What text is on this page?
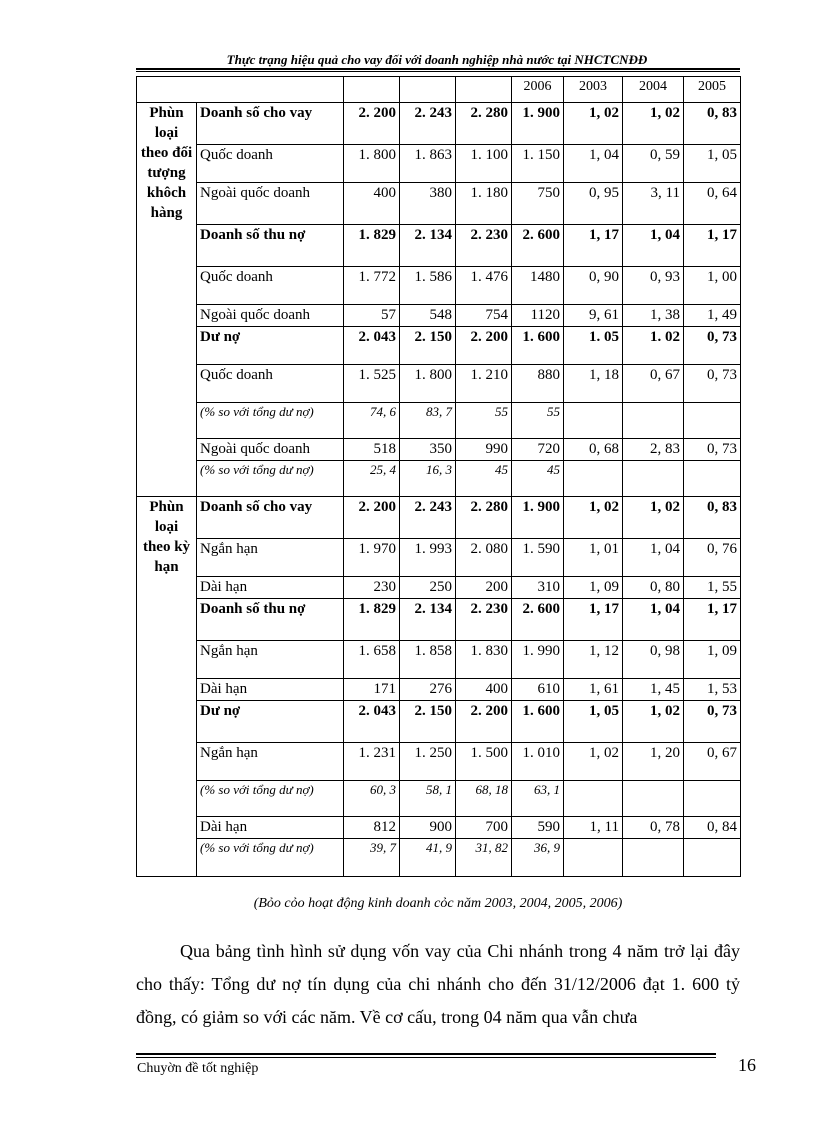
Thực trạng hiệu quả cho vay đối với doanh nghiệp nhà nước tại NHCTCNĐĐ
					2006	2003	2004	2005
Phùn loại theo đối tượng khôch hàng	Doanh số cho vay	2. 200	2. 243	2. 280	1. 900	1, 02	1, 02	0, 83
	Quốc doanh	1. 800	1. 863	1. 100	1. 150	1, 04	0, 59	1, 05
	Ngoài quốc doanh	400	380	1. 180	750	0, 95	3, 11	0, 64
	Doanh số thu nợ	1. 829	2. 134	2. 230	2. 600	1, 17	1, 04	1, 17
	Quốc doanh	1. 772	1. 586	1. 476	1480	0, 90	0, 93	1, 00
	Ngoài quốc doanh	57	548	754	1120	9, 61	1, 38	1, 49
	Dư nợ	2. 043	2. 150	2. 200	1. 600	1. 05	1. 02	0, 73
	Quốc doanh	1. 525	1. 800	1. 210	880	1, 18	0, 67	0, 73
	(% so với tổng dư nợ)	74, 6	83, 7	55	55			
	Ngoài quốc doanh	518	350	990	720	0, 68	2, 83	0, 73
	(% so với tổng dư nợ)	25, 4	16, 3	45	45			
Phùn loại theo kỳ hạn	Doanh số cho vay	2. 200	2. 243	2. 280	1. 900	1, 02	1, 02	0, 83
	Ngắn hạn	1. 970	1. 993	2. 080	1. 590	1, 01	1, 04	0, 76
	Dài hạn	230	250	200	310	1, 09	0, 80	1, 55
	Doanh số thu nợ	1. 829	2. 134	2. 230	2. 600	1, 17	1, 04	1, 17
	Ngắn hạn	1. 658	1. 858	1. 830	1. 990	1, 12	0, 98	1, 09
	Dài hạn	171	276	400	610	1, 61	1, 45	1, 53
	Dư nợ	2. 043	2. 150	2. 200	1. 600	1, 05	1, 02	0, 73
	Ngắn hạn	1. 231	1. 250	1. 500	1. 010	1, 02	1, 20	0, 67
	(% so với tổng dư nợ)	60, 3	58, 1	68, 18	63, 1			
	Dài hạn	812	900	700	590	1, 11	0, 78	0, 84
	(% so với tổng dư nợ)	39, 7	41, 9	31, 82	36, 9			
(Bỏo cỏo hoạt động kinh doanh cỏc năm 2003, 2004, 2005, 2006)

Qua bảng tình hình sử dụng vốn vay của Chi nhánh trong 4 năm trở lại đây cho thấy: Tổng dư nợ tín dụng của chi nhánh cho đến 31/12/2006 đạt 1. 600 tỷ đồng, có giảm so với các năm. Về cơ cấu, trong 04 năm qua vẫn chưa

Chuyờn đề tốt nghiệp	16
